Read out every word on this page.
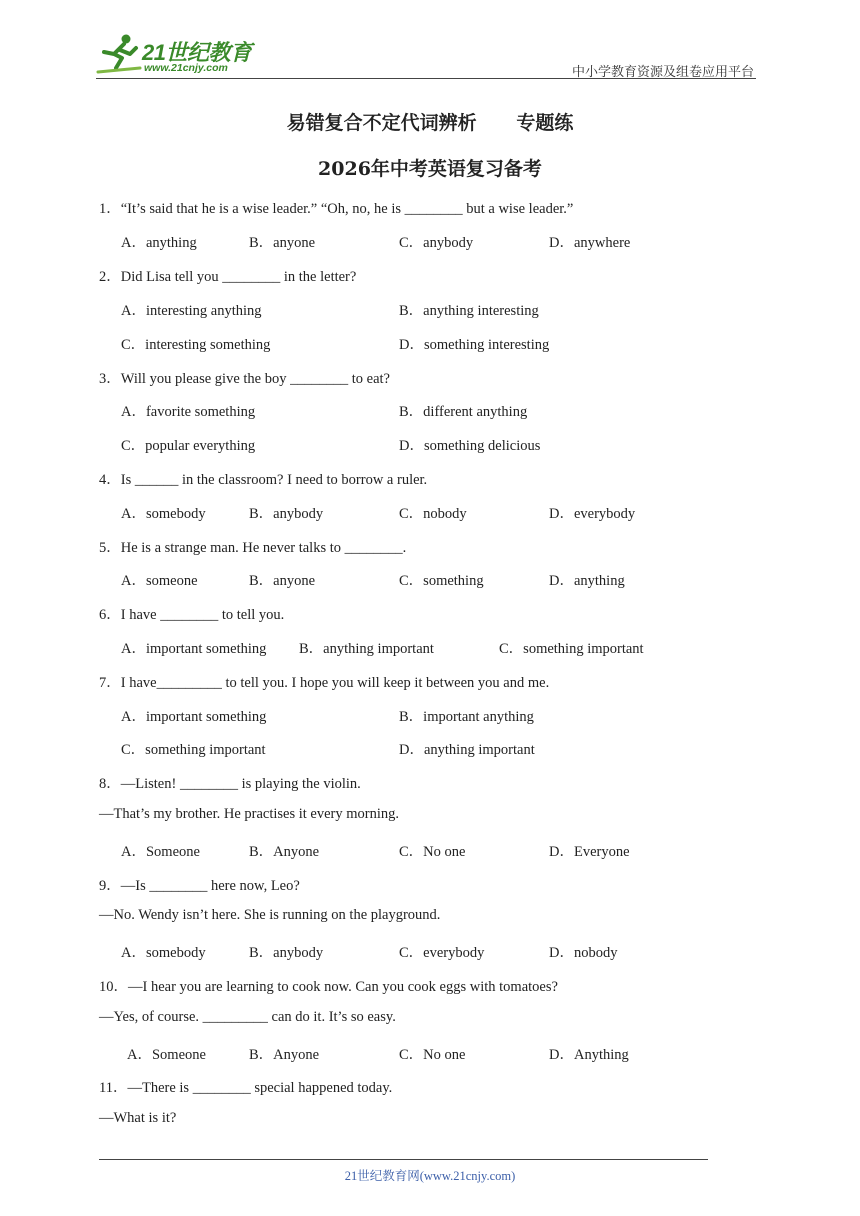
21世纪教育
www.21cnjy.com	中小学教育资源及组卷应用平台
易错复合不定代词辨析      专题练
2026年中考英语复习备考
1．“It’s said that he is a wise leader.” “Oh, no, he is ________ but a wise leader.”
A．anything	B．anyone	C．anybody	D．anywhere
2．Did Lisa tell you ________ in the letter?
A．interesting anything	B．anything interesting
C．interesting something	D．something interesting
3．Will you please give the boy ________ to eat?
A．favorite something	B．different anything
C．popular everything	D．something delicious
4．Is ______ in the classroom? I need to borrow a ruler.
A．somebody	B．anybody	C．nobody	D．everybody
5．He is a strange man. He never talks to ________.
A．someone	B．anyone	C．something	D．anything
6．I have ________ to tell you.
A．important something B．anything important	C．something important
7．I have_________ to tell you. I hope you will keep it between you and me.
A．important something	B．important anything
C．something important	D．anything important
8．—Listen! ________ is playing the violin.
—That’s my brother. He practises it every morning.
A．Someone	B．Anyone	C．No one	D．Everyone
9．—Is ________ here now, Leo?
—No. Wendy isn’t here. She is running on the playground.
A．somebody	B．anybody	C．everybody	D．nobody
10．—I hear you are learning to cook now. Can you cook eggs with tomatoes?
—Yes, of course. _________ can do it. It’s so easy.
A．Someone	B．Anyone	C．No one	D．Anything
11．—There is ________ special happened today.
—What is it?
21世纪教育网(www.21cnjy.com)
